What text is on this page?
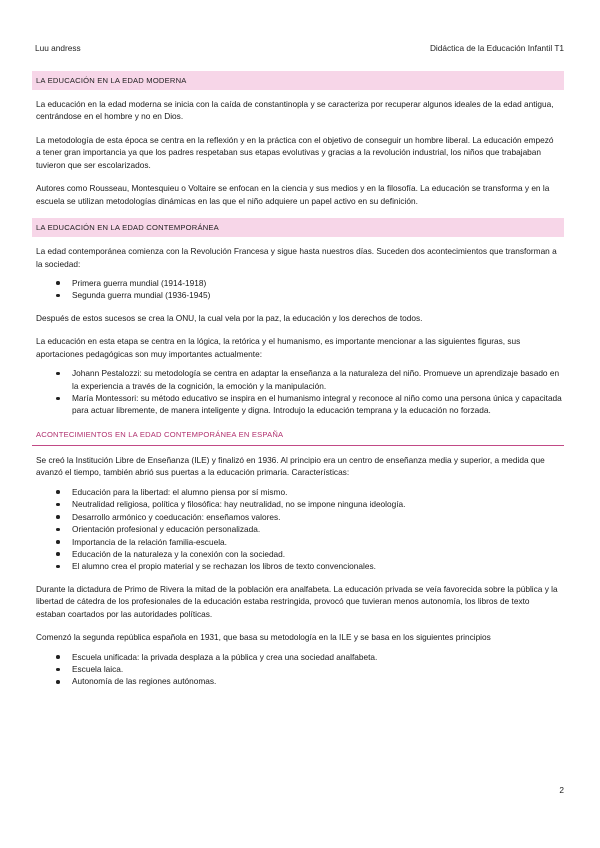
Luu andress	Didáctica de la Educación Infantil T1
LA EDUCACIÓN EN LA EDAD MODERNA

La educación en la edad moderna se inicia con la caída de constantinopla y se caracteriza por recuperar algunos ideales de la edad antigua, centrándose en el hombre y no en Dios.

La metodología de esta época se centra en la reflexión y en la práctica con el objetivo de conseguir un hombre liberal. La educación empezó a tener gran importancia ya que los padres respetaban sus etapas evolutivas y gracias a la revolución industrial, los niños que trabajaban tuvieron que ser escolarizados.

Autores como Rousseau, Montesquieu o Voltaire se enfocan en la ciencia y sus medios y en la filosofía. La educación se transforma y en la escuela se utilizan metodologías dinámicas en las que el niño adquiere un papel activo en su definición.

LA EDUCACIÓN EN LA EDAD CONTEMPORÁNEA

La edad contemporánea comienza con la Revolución Francesa y sigue hasta nuestros días. Suceden dos acontecimientos que transforman a la sociedad:

Primera guerra mundial (1914-1918)
Segunda guerra mundial (1936-1945)

Después de estos sucesos se crea la ONU, la cual vela por la paz, la educación y los derechos de todos.

La educación en esta etapa se centra en la lógica, la retórica y el humanismo, es importante mencionar a las siguientes figuras, sus aportaciones pedagógicas son muy importantes actualmente:

Johann Pestalozzi: su metodología se centra en adaptar la enseñanza a la naturaleza del niño. Promueve un aprendizaje basado en la experiencia a través de la cognición, la emoción y la manipulación.
María Montessori: su método educativo se inspira en el humanismo integral y reconoce al niño como una persona única y capacitada para actuar libremente, de manera inteligente y digna. Introdujo la educación temprana y la educación no forzada.
ACONTECIMIENTOS EN LA EDAD CONTEMPORÁNEA EN ESPAÑA

Se creó la Institución Libre de Enseñanza (ILE) y finalizó en 1936. Al principio era un centro de enseñanza media y superior, a medida que avanzó el tiempo, también abrió sus puertas a la educación primaria. Características:

Educación para la libertad: el alumno piensa por sí mismo.
Neutralidad religiosa, política y filosófica: hay neutralidad, no se impone ninguna ideología.
Desarrollo armónico y coeducación: enseñamos valores.
Orientación profesional y educación personalizada.
Importancia de la relación familia-escuela.
Educación de la naturaleza y la conexión con la sociedad.
El alumno crea el propio material y se rechazan los libros de texto convencionales.

Durante la dictadura de Primo de Rivera la mitad de la población era analfabeta. La educación privada se veía favorecida sobre la pública y la libertad de cátedra de los profesionales de la educación estaba restringida, provocó que tuvieran menos autonomía, los libros de texto estaban coartados por las autoridades políticas.

Comenzó la segunda república española en 1931, que basa su metodología en la ILE y se basa en los siguientes principios

Escuela unificada: la privada desplaza a la pública y crea una sociedad analfabeta.
Escuela laica.
Autonomía de las regiones autónomas.
2
